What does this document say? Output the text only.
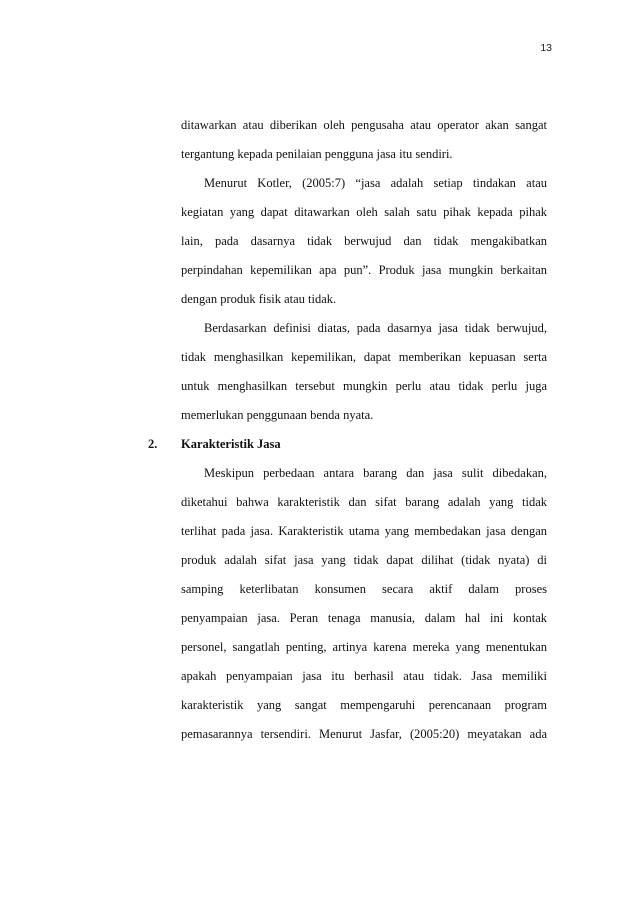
13
ditawarkan atau diberikan oleh pengusaha atau operator akan sangat
tergantung kepada penilaian pengguna jasa itu sendiri.
Menurut Kotler, (2005:7) “jasa adalah setiap tindakan atau
kegiatan yang dapat ditawarkan oleh salah satu pihak kepada pihak
lain, pada dasarnya tidak berwujud dan tidak mengakibatkan
perpindahan kepemilikan apa pun”. Produk jasa mungkin berkaitan
dengan produk fisik atau tidak.
Berdasarkan definisi diatas, pada dasarnya jasa tidak berwujud,
tidak menghasilkan kepemilikan, dapat memberikan kepuasan serta
untuk menghasilkan tersebut mungkin perlu atau tidak perlu juga
memerlukan penggunaan benda nyata.
2. Karakteristik Jasa
Meskipun perbedaan antara barang dan jasa sulit dibedakan,
diketahui bahwa karakteristik dan sifat barang adalah yang tidak
terlihat pada jasa. Karakteristik utama yang membedakan jasa dengan
produk adalah sifat jasa yang tidak dapat dilihat (tidak nyata) di
samping keterlibatan konsumen secara aktif dalam proses
penyampaian jasa. Peran tenaga manusia, dalam hal ini kontak
personel, sangatlah penting, artinya karena mereka yang menentukan
apakah penyampaian jasa itu berhasil atau tidak. Jasa memiliki
karakteristik yang sangat mempengaruhi perencanaan program
pemasarannya tersendiri. Menurut Jasfar, (2005:20) meyatakan ada
